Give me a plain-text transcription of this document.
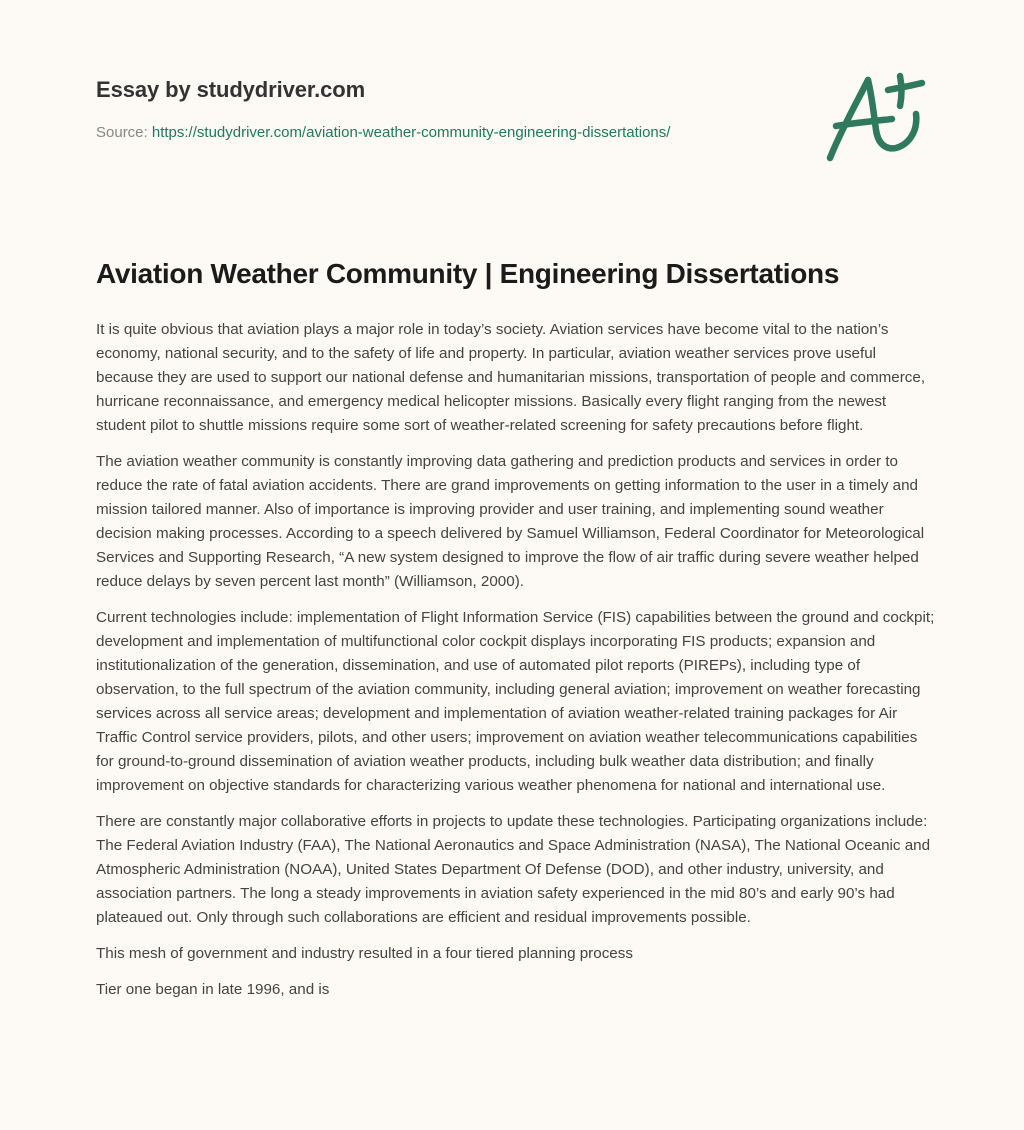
Essay by studydriver.com
Source: https://studydriver.com/aviation-weather-community-engineering-dissertations/
Aviation Weather Community | Engineering Dissertations

It is quite obvious that aviation plays a major role in today’s society. Aviation services have become vital to the nation’s economy, national security, and to the safety of life and property. In particular, aviation weather services prove useful because they are used to support our national defense and humanitarian missions, transportation of people and commerce, hurricane reconnaissance, and emergency medical helicopter missions. Basically every flight ranging from the newest student pilot to shuttle missions require some sort of weather-related screening for safety precautions before flight.

The aviation weather community is constantly improving data gathering and prediction products and services in order to reduce the rate of fatal aviation accidents. There are grand improvements on getting information to the user in a timely and mission tailored manner. Also of importance is improving provider and user training, and implementing sound weather decision making processes. According to a speech delivered by Samuel Williamson, Federal Coordinator for Meteorological Services and Supporting Research, “A new system designed to improve the flow of air traffic during severe weather helped reduce delays by seven percent last month” (Williamson, 2000).

Current technologies include: implementation of Flight Information Service (FIS) capabilities between the ground and cockpit; development and implementation of multifunctional color cockpit displays incorporating FIS products; expansion and institutionalization of the generation, dissemination, and use of automated pilot reports (PIREPs), including type of observation, to the full spectrum of the aviation community, including general aviation; improvement on weather forecasting services across all service areas; development and implementation of aviation weather-related training packages for Air Traffic Control service providers, pilots, and other users; improvement on aviation weather telecommunications capabilities for ground-to-ground dissemination of aviation weather products, including bulk weather data distribution; and finally improvement on objective standards for characterizing various weather phenomena for national and international use.

There are constantly major collaborative efforts in projects to update these technologies. Participating organizations include: The Federal Aviation Industry (FAA), The National Aeronautics and Space Administration (NASA), The National Oceanic and Atmospheric Administration (NOAA), United States Department Of Defense (DOD), and other industry, university, and association partners. The long a steady improvements in aviation safety experienced in the mid 80’s and early 90’s had plateaued out. Only through such collaborations are efficient and residual improvements possible.

This mesh of government and industry resulted in a four tiered planning process

Tier one began in late 1996, and is
